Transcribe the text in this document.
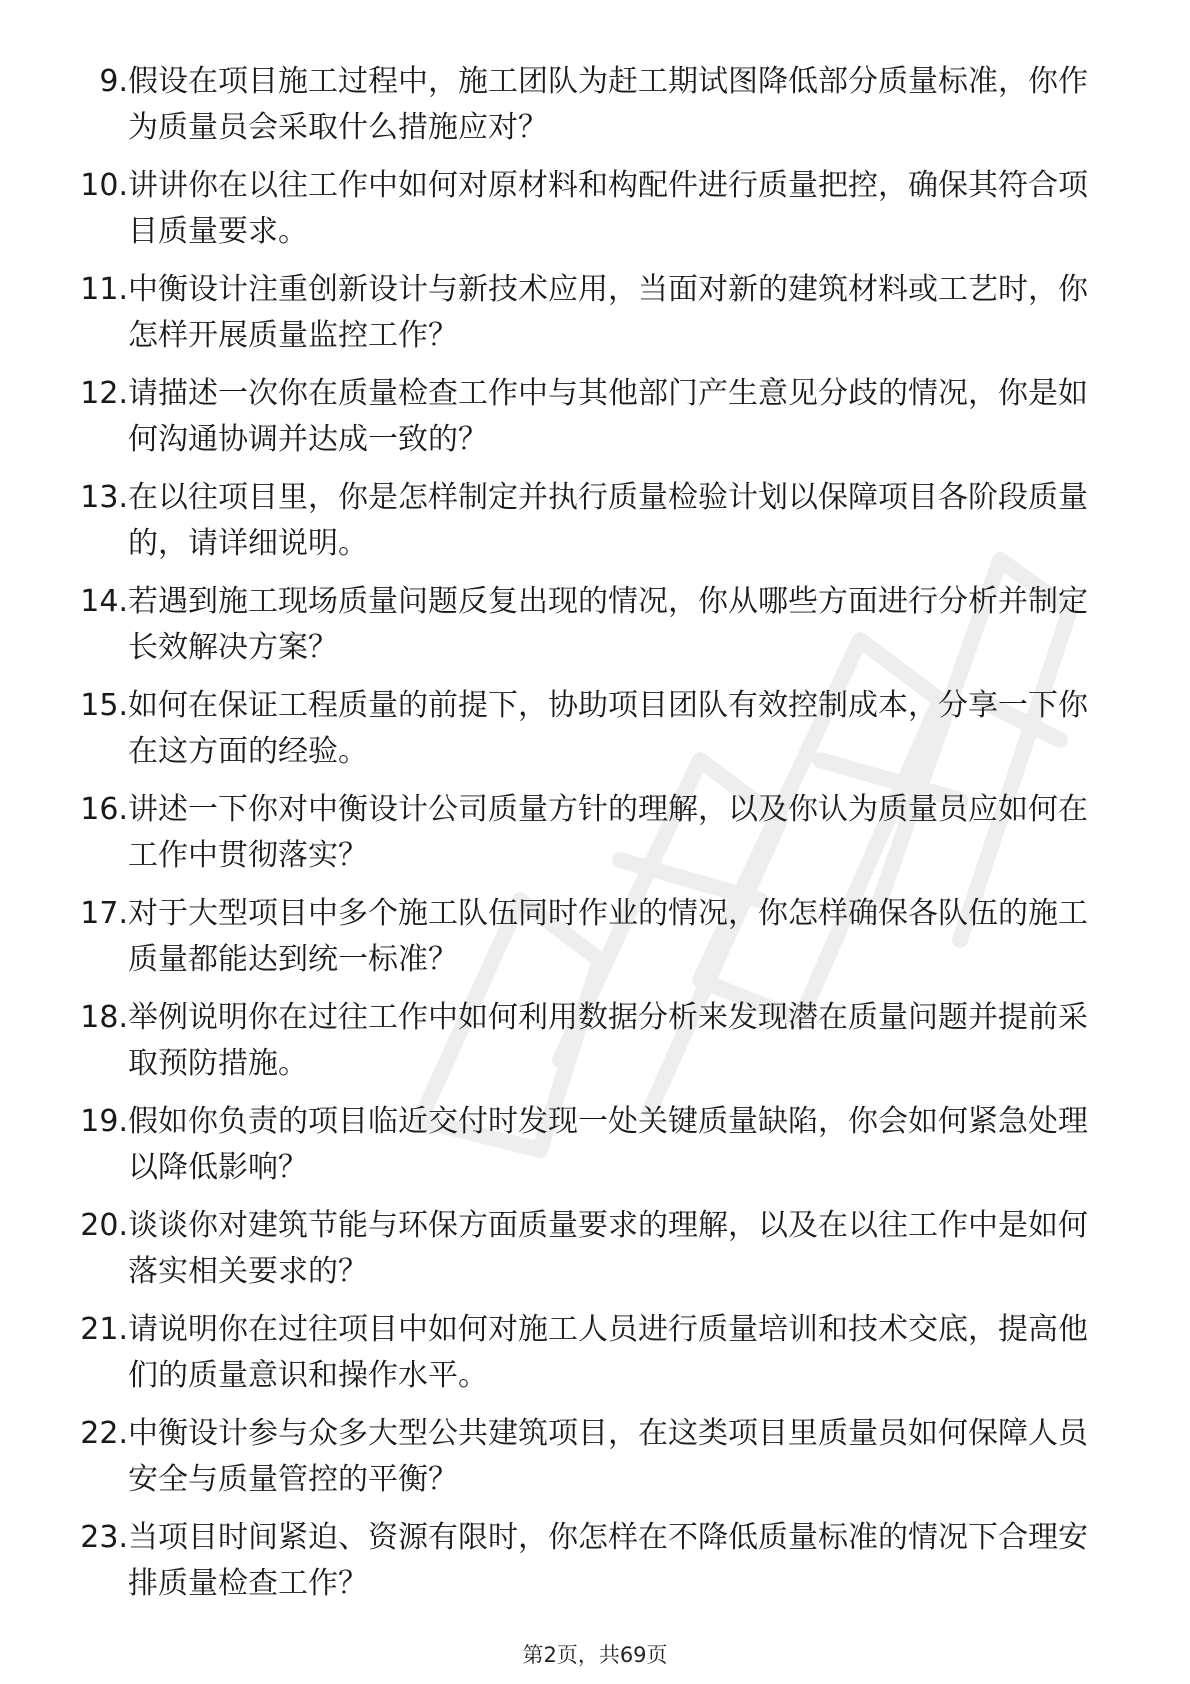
9. 假设在项目施工过程中，施工团队为赶工期试图降低部分质量标准，你作为质量员会采取什么措施应对？
10. 讲讲你在以往工作中如何对原材料和构配件进行质量把控，确保其符合项目质量要求。
11. 中衡设计注重创新设计与新技术应用，当面对新的建筑材料或工艺时，你怎样开展质量监控工作？
12. 请描述一次你在质量检查工作中与其他部门产生意见分歧的情况，你是如何沟通协调并达成一致的？
13. 在以往项目里，你是怎样制定并执行质量检验计划以保障项目各阶段质量的，请详细说明。
14. 若遇到施工现场质量问题反复出现的情况，你从哪些方面进行分析并制定长效解决方案？
15. 如何在保证工程质量的前提下，协助项目团队有效控制成本，分享一下你在这方面的经验。
16. 讲述一下你对中衡设计公司质量方针的理解，以及你认为质量员应如何在工作中贯彻落实？
17. 对于大型项目中多个施工队伍同时作业的情况，你怎样确保各队伍的施工质量都能达到统一标准？
18. 举例说明你在过往工作中如何利用数据分析来发现潜在质量问题并提前采取预防措施。
19. 假如你负责的项目临近交付时发现一处关键质量缺陷，你会如何紧急处理以降低影响？
20. 谈谈你对建筑节能与环保方面质量要求的理解，以及在以往工作中是如何落实相关要求的？
21. 请说明你在过往项目中如何对施工人员进行质量培训和技术交底，提高他们的质量意识和操作水平。
22. 中衡设计参与众多大型公共建筑项目，在这类项目里质量员如何保障人员安全与质量管控的平衡？
23. 当项目时间紧迫、资源有限时，你怎样在不降低质量标准的情况下合理安排质量检查工作？
第2页，共69页
